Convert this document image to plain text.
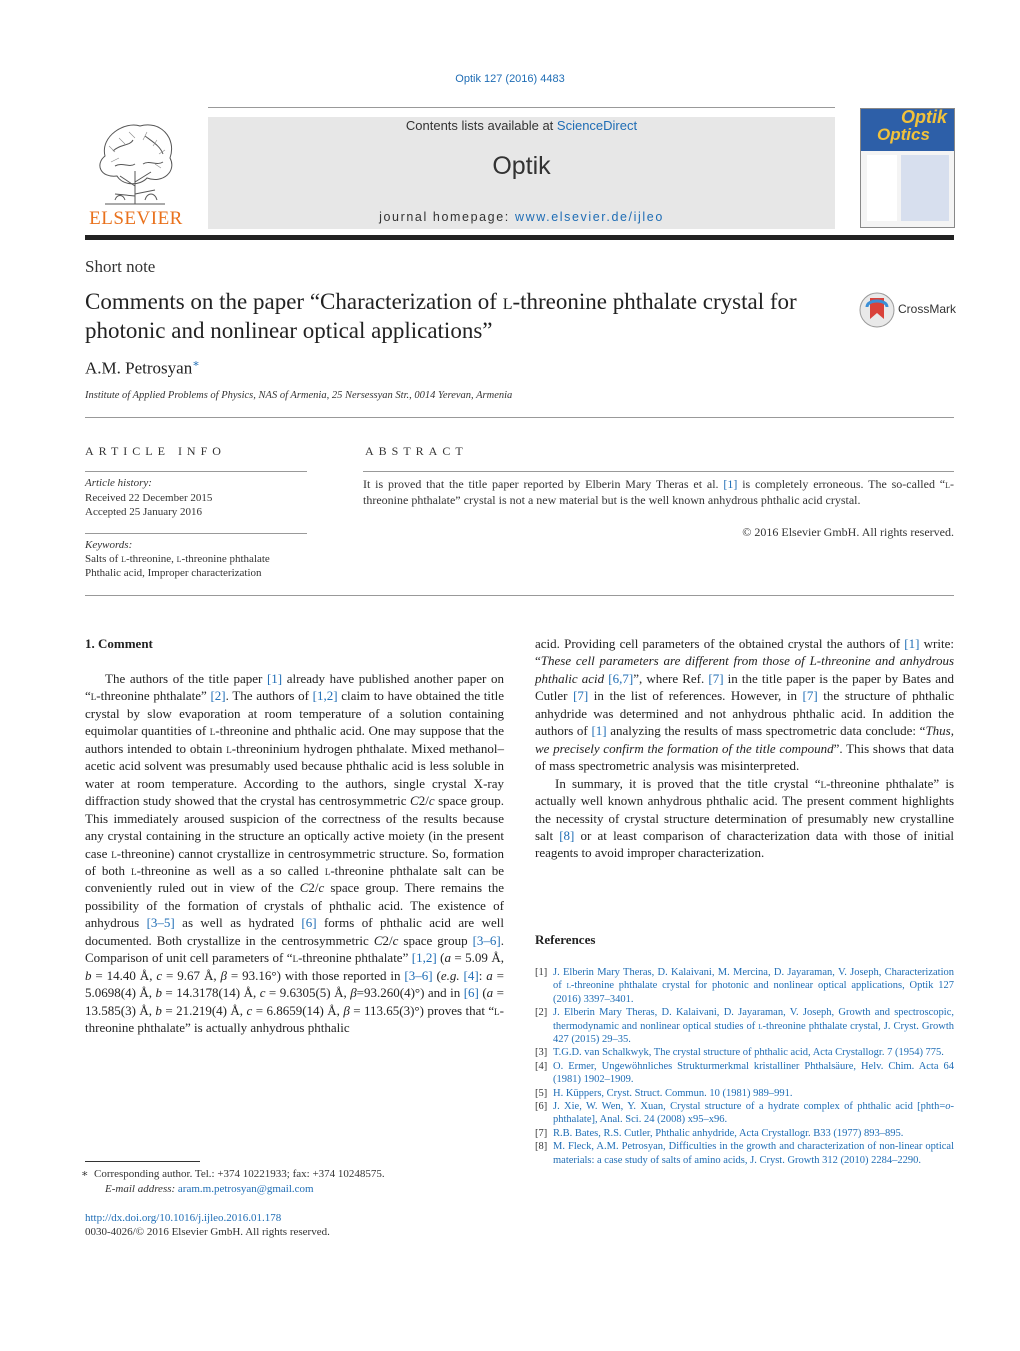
Optik 127 (2016) 4483
ELSEVIER
Contents lists available at ScienceDirect
Optik
journal homepage: www.elsevier.de/ijleo
Optik
Optics
Short note
Comments on the paper “Characterization of l-threonine phthalate crystal for photonic and nonlinear optical applications”
CrossMark
A.M. Petrosyan∗
Institute of Applied Problems of Physics, NAS of Armenia, 25 Nersessyan Str., 0014 Yerevan, Armenia
ARTICLE INFO	ABSTRACT
Article history:
Received 22 December 2015
Accepted 25 January 2016
Keywords:
Salts of l-threonine, l-threonine phthalate
Phthalic acid, Improper characterization
It is proved that the title paper reported by Elberin Mary Theras et al. [1] is completely erroneous. The so-called “l-threonine phthalate” crystal is not a new material but is the well known anhydrous phthalic acid crystal.
© 2016 Elsevier GmbH. All rights reserved.
1. Comment

The authors of the title paper [1] already have published another paper on “l-threonine phthalate” [2]. The authors of [1,2] claim to have obtained the title crystal by slow evaporation at room temperature of a solution containing equimolar quantities of l-threonine and phthalic acid. One may suppose that the authors intended to obtain l-threoninium hydrogen phthalate. Mixed methanol–acetic acid solvent was presumably used because phthalic acid is less soluble in water at room temperature. According to the authors, single crystal X-ray diffraction study showed that the crystal has centrosymmetric C2/c space group. This immediately aroused suspicion of the correctness of the results because any crystal containing in the structure an optically active moiety (in the present case l-threonine) cannot crystallize in centrosymmetric structure. So, formation of both l-threonine as well as a so called l-threonine phthalate salt can be conveniently ruled out in view of the C2/c space group. There remains the possibility of the formation of crystals of phthalic acid. The existence of anhydrous [3–5] as well as hydrated [6] forms of phthalic acid are well documented. Both crystallize in the centrosymmetric C2/c space group [3–6]. Comparison of unit cell parameters of “l-threonine phthalate” [1,2] (a = 5.09 Å, b = 14.40 Å, c = 9.67 Å, β = 93.16°) with those reported in [3–6] (e.g. [4]: a = 5.0698(4) Å, b = 14.3178(14) Å, c = 9.6305(5) Å, β=93.260(4)°) and in [6] (a = 13.585(3) Å, b = 21.219(4) Å, c = 6.8659(14) Å, β = 113.65(3)°) proves that “l-threonine phthalate” is actually anhydrous phthalic

acid. Providing cell parameters of the obtained crystal the authors of [1] write: “These cell parameters are different from those of L-threonine and anhydrous phthalic acid [6,7]”, where Ref. [7] in the title paper is the paper by Bates and Cutler [7] in the list of references. However, in [7] the structure of phthalic anhydride was determined and not anhydrous phthalic acid. In addition the authors of [1] analyzing the results of mass spectrometric data conclude: “Thus, we precisely confirm the formation of the title compound”. This shows that data of mass spectrometric analysis was misinterpreted.

In summary, it is proved that the title crystal “l-threonine phthalate” is actually well known anhydrous phthalic acid. The present comment highlights the necessity of crystal structure determination of presumably new crystalline salt [8] or at least comparison of characterization data with those of initial reagents to avoid improper characterization.

References
[1] J. Elberin Mary Theras, D. Kalaivani, M. Mercina, D. Jayaraman, V. Joseph, Characterization of l-threonine phthalate crystal for photonic and nonlinear optical applications, Optik 127 (2016) 3397–3401.
[2] J. Elberin Mary Theras, D. Kalaivani, D. Jayaraman, V. Joseph, Growth and spectroscopic, thermodynamic and nonlinear optical studies of l-threonine phthalate crystal, J. Cryst. Growth 427 (2015) 29–35.
[3] T.G.D. van Schalkwyk, The crystal structure of phthalic acid, Acta Crystallogr. 7 (1954) 775.
[4] O. Ermer, Ungewöhnliches Strukturmerkmal kristalliner Phthalsäure, Helv. Chim. Acta 64 (1981) 1902–1909.
[5] H. Küppers, Cryst. Struct. Commun. 10 (1981) 989–991.
[6] J. Xie, W. Wen, Y. Xuan, Crystal structure of a hydrate complex of phthalic acid [phth=o-phthalate], Anal. Sci. 24 (2008) x95–x96.
[7] R.B. Bates, R.S. Cutler, Phthalic anhydride, Acta Crystallogr. B33 (1977) 893–895.
[8] M. Fleck, A.M. Petrosyan, Difficulties in the growth and characterization of non-linear optical materials: a case study of salts of amino acids, J. Cryst. Growth 312 (2010) 2284–2290.
∗ Corresponding author. Tel.: +374 10221933; fax: +374 10248575.
E-mail address: aram.m.petrosyan@gmail.com
http://dx.doi.org/10.1016/j.ijleo.2016.01.178
0030-4026/© 2016 Elsevier GmbH. All rights reserved.
